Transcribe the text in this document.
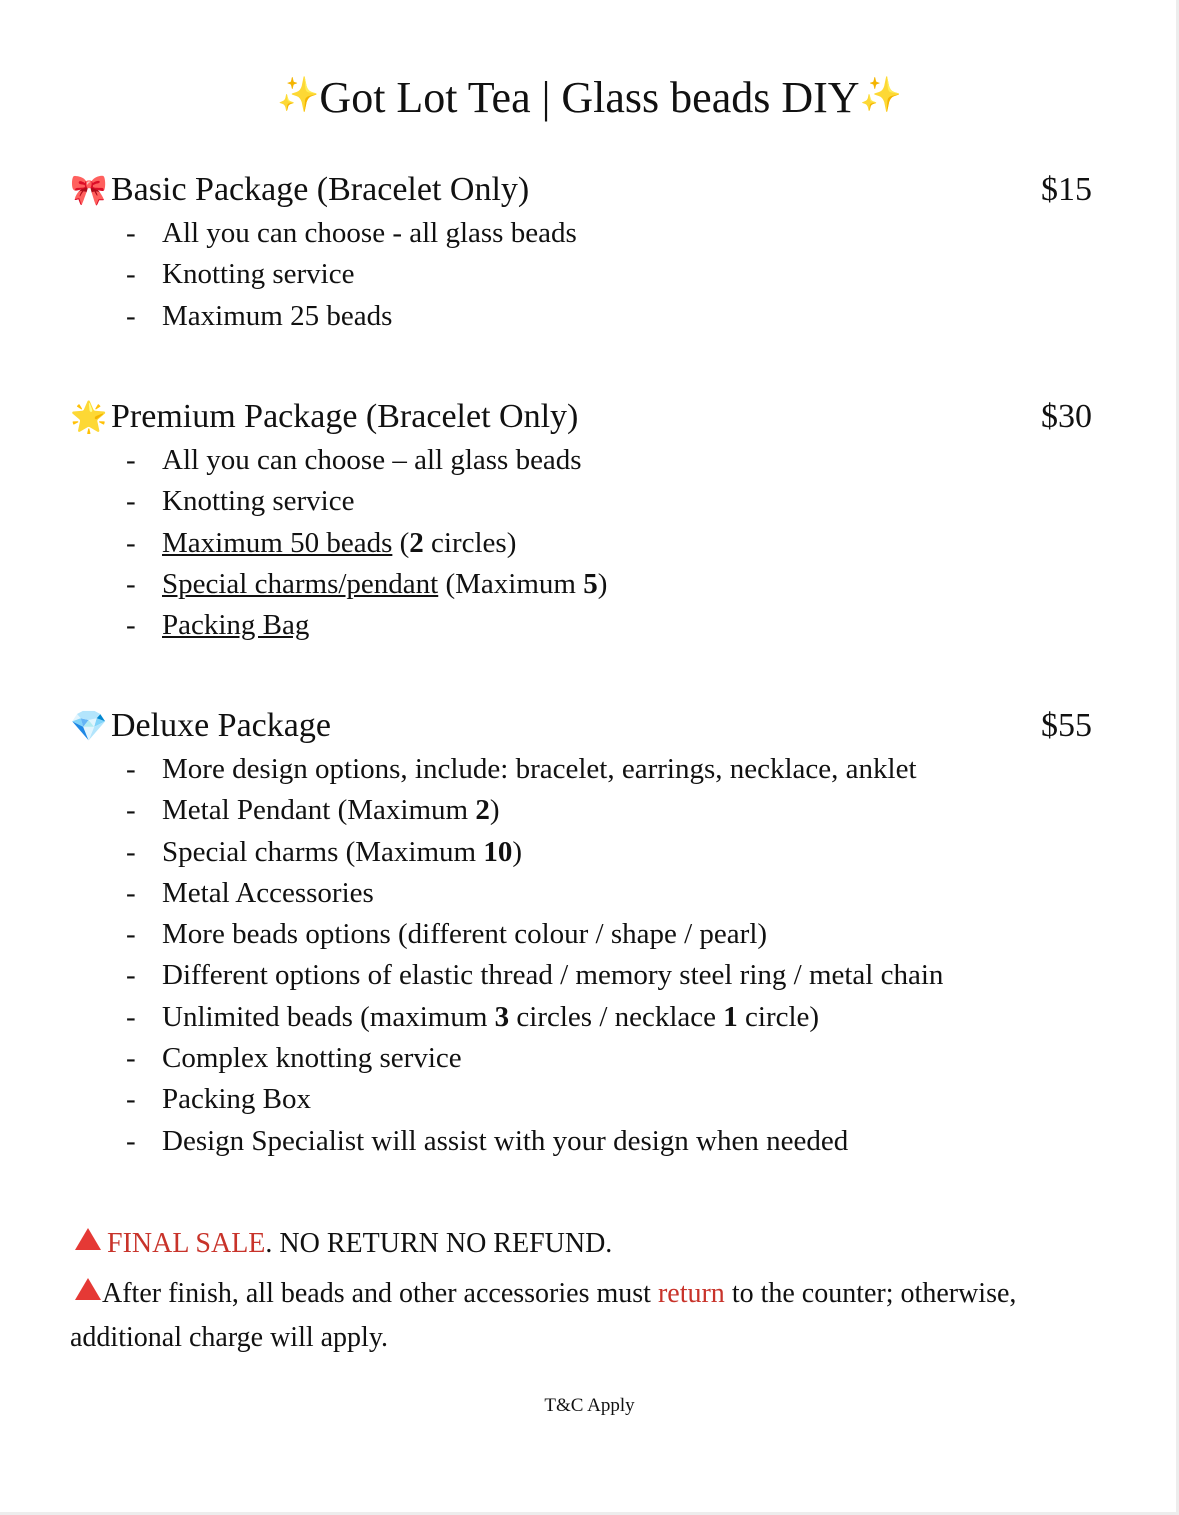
✨Got Lot Tea | Glass beads DIY✨
🎀 Basic Package (Bracelet Only)	$15
- All you can choose - all glass beads
- Knotting service
- Maximum 25 beads
🌟 Premium Package (Bracelet Only)	$30
- All you can choose – all glass beads
- Knotting service
- Maximum 50 beads (2 circles)
- Special charms/pendant (Maximum 5)
- Packing Bag
💎 Deluxe Package	$55
- More design options, include: bracelet, earrings, necklace, anklet
- Metal Pendant (Maximum 2)
- Special charms (Maximum 10)
- Metal Accessories
- More beads options (different colour / shape / pearl)
- Different options of elastic thread / memory steel ring / metal chain
- Unlimited beads (maximum 3 circles / necklace 1 circle)
- Complex knotting service
- Packing Box
- Design Specialist will assist with your design when needed
FINAL SALE. NO RETURN NO REFUND.
After finish, all beads and other accessories must return to the counter; otherwise, additional charge will apply.
T&C Apply
